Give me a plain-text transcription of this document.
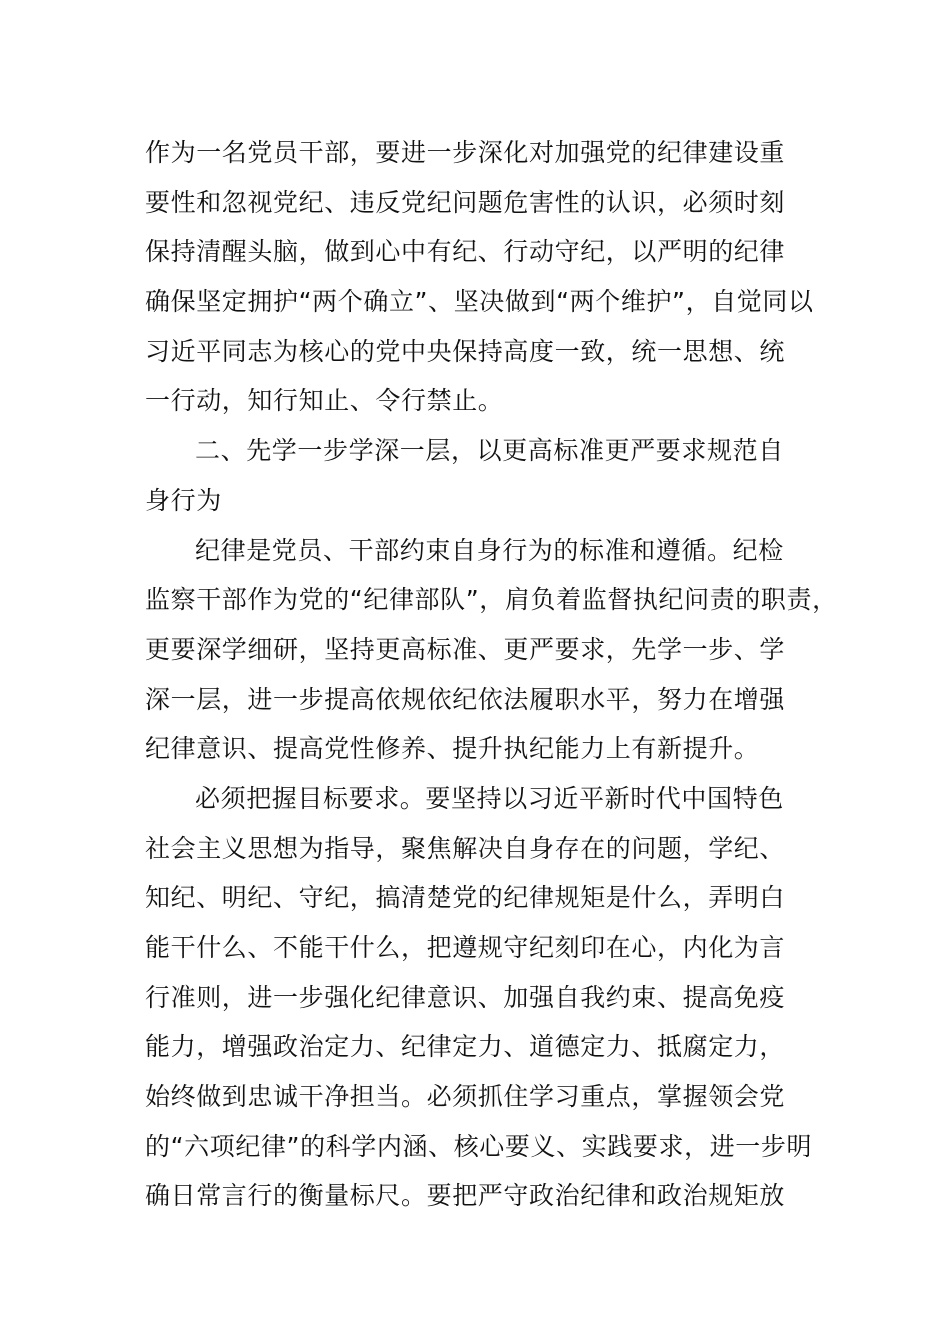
作为一名党员干部，要进一步深化对加强党的纪律建设重
要性和忽视党纪、违反党纪问题危害性的认识，必须时刻
保持清醒头脑，做到心中有纪、行动守纪，以严明的纪律
确保坚定拥护“两个确立”、坚决做到“两个维护”，自觉同以
习近平同志为核心的党中央保持高度一致，统一思想、统
一行动，知行知止、令行禁止。
二、先学一步学深一层，以更高标准更严要求规范自
身行为
纪律是党员、干部约束自身行为的标准和遵循。纪检
监察干部作为党的“纪律部队”，肩负着监督执纪问责的职责，
更要深学细研，坚持更高标准、更严要求，先学一步、学
深一层，进一步提高依规依纪依法履职水平，努力在增强
纪律意识、提高党性修养、提升执纪能力上有新提升。
必须把握目标要求。要坚持以习近平新时代中国特色
社会主义思想为指导，聚焦解决自身存在的问题，学纪、
知纪、明纪、守纪，搞清楚党的纪律规矩是什么，弄明白
能干什么、不能干什么，把遵规守纪刻印在心，内化为言
行准则，进一步强化纪律意识、加强自我约束、提高免疫
能力，增强政治定力、纪律定力、道德定力、抵腐定力，
始终做到忠诚干净担当。必须抓住学习重点，掌握领会党
的“六项纪律”的科学内涵、核心要义、实践要求，进一步明
确日常言行的衡量标尺。要把严守政治纪律和政治规矩放
